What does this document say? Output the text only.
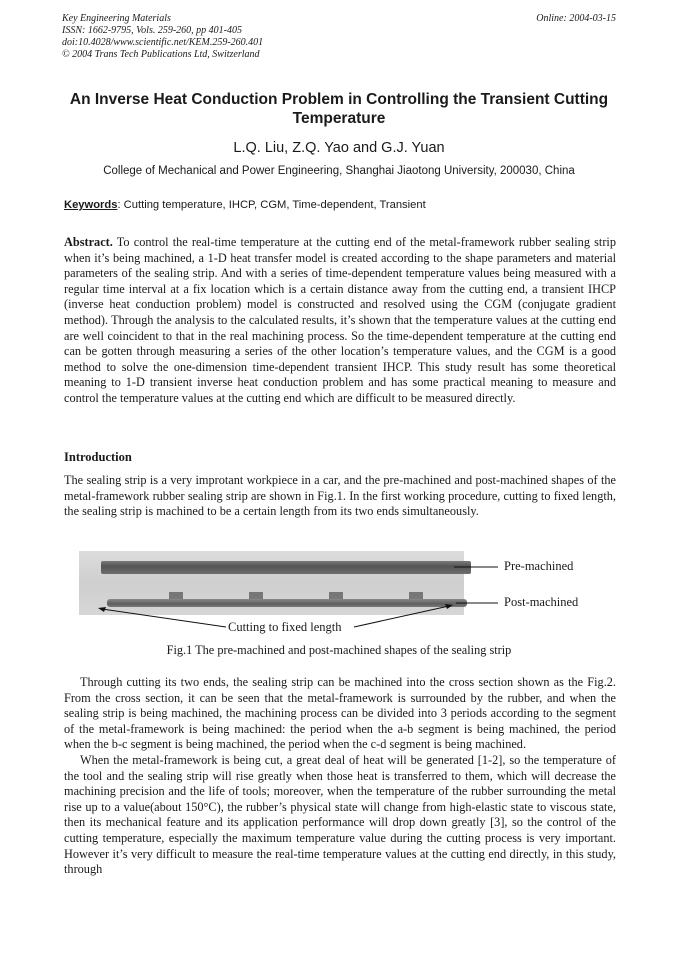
Key Engineering Materials
ISSN: 1662-9795, Vols. 259-260, pp 401-405
doi:10.4028/www.scientific.net/KEM.259-260.401
© 2004 Trans Tech Publications Ltd, Switzerland
Online: 2004-03-15
An Inverse Heat Conduction Problem in Controlling the Transient Cutting Temperature
L.Q. Liu, Z.Q. Yao and G.J. Yuan
College of Mechanical and Power Engineering, Shanghai Jiaotong University, 200030, China
Keywords: Cutting temperature, IHCP, CGM, Time-dependent, Transient
Abstract. To control the real-time temperature at the cutting end of the metal-framework rubber sealing strip when it’s being machined, a 1-D heat transfer model is created according to the shape parameters and material parameters of the sealing strip. And with a series of time-dependent temperature values being measured with a regular time interval at a fix location which is a certain distance away from the cutting end, a transient IHCP (inverse heat conduction problem) model is constructed and resolved using the CGM (conjugate gradient method). Through the analysis to the calculated results, it’s shown that the temperature values at the cutting end are well coincident to that in the real machining process. So the time-dependent temperature at the cutting end can be gotten through measuring a series of the other location’s temperature values, and the CGM is a good method to solve the one-dimension time-dependent transient IHCP. This study result has some theoretical meaning to 1-D transient inverse heat conduction problem and has some practical meaning to measure and control the temperature values at the cutting end which are difficult to be measured directly.
Introduction
The sealing strip is a very improtant workpiece in a car, and the pre-machined and post-machined shapes of the metal-framework rubber sealing strip are shown in Fig.1. In the first working procedure, cutting to fixed length, the sealing strip is machined to be a certain length from its two ends simultaneously.
Pre-machined
Post-machined
Cutting to fixed length
Fig.1 The pre-machined and post-machined shapes of the sealing strip

Through cutting its two ends, the sealing strip can be machined into the cross section shown as the Fig.2. From the cross section, it can be seen that the metal-framework is surrounded by the rubber, and when the sealing strip is being machined, the machining process can be divided into 3 periods according to the segment of the metal-framework is being machined: the period when the a-b segment is being machined, the period when the b-c segment is being machined, the period when the c-d segment is being machined.

When the metal-framework is being cut, a great deal of heat will be generated [1-2], so the temperature of the tool and the sealing strip will rise greatly when those heat is transferred to them, which will decrease the machining precision and the life of tools; moreover, when the temperature of the rubber surrounding the metal rise up to a value(about 150°C), the rubber’s physical state will change from high-elastic state to viscous state, then its mechanical feature and its application performance will drop down greatly [3], so the control of the cutting temperature, especially the maximum temperature value during the cutting process is very important. However it’s very difficult to measure the real-time temperature values at the cutting end directly, in this study, through
